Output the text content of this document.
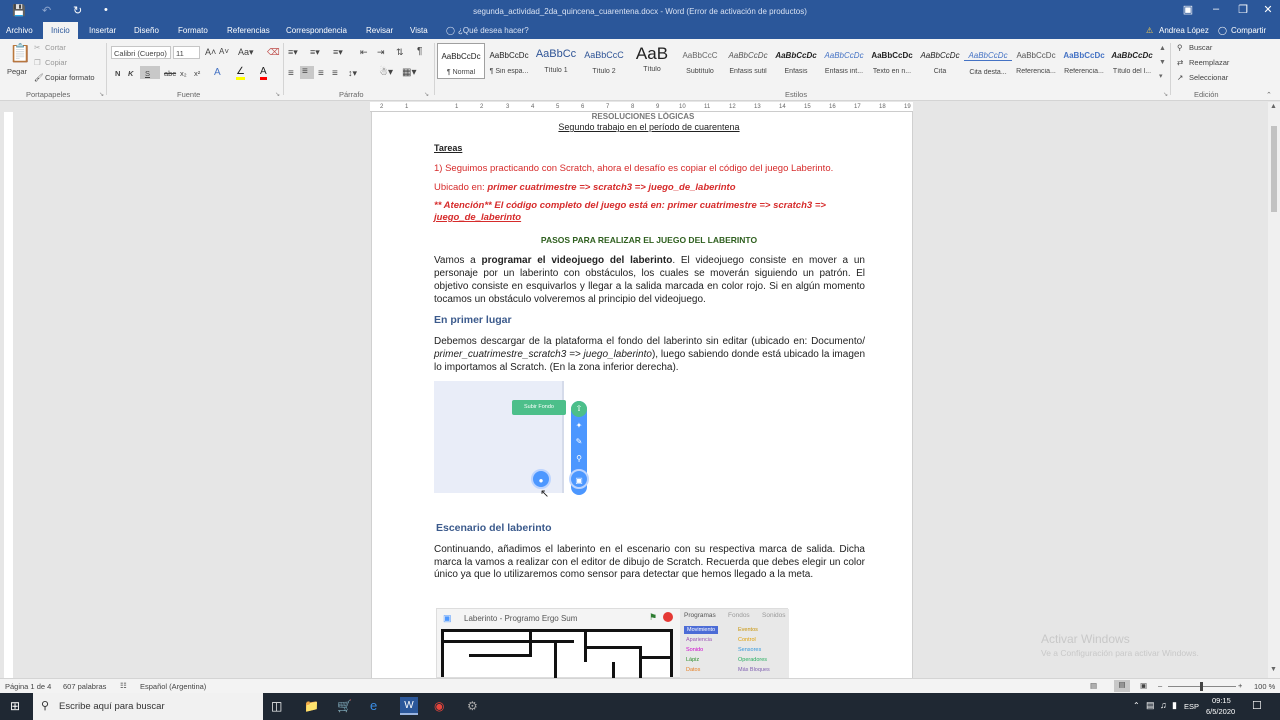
💾 ↶ ↻ •	segunda_actividad_2da_quincena_cuarentena.docx - Word (Error de activación de productos)	▣	–	❐	✕
Archivo	Inicio	Insertar Diseño Formato Referencias Correspondencia Revisar Vista ◯ ¿Qué desea hacer?	⚠ Andrea López ◯ Compartir
📋
Pegar
✂ Cortar
❐ Copiar
🖌 Copiar formato
Portapapeles	↘
Calibri (Cuerpo)	11	A˄ A˅ Aa▾ ⌫
N K	S	abc x₂ x² A ∠ A
Fuente	↘
≡▾ ≡▾ ≡▾ ⇤ ⇥ ⇅ ¶
≡ ≡	≡ ≡ ↕▾ ☃▾ ▦▾
Párrafo	↘
AaBbCcDc
¶ Normal
AaBbCcDc
¶ Sin espa...
AaBbCc
Título 1
AaBbCcC
Título 2
AaB
Título
AaBbCcC
Subtítulo
AaBbCcDc
Énfasis sutil
AaBbCcDc
Énfasis
AaBbCcDc
Énfasis int...
AaBbCcDc
Texto en n...
AaBbCcDc
Cita
AaBbCcDc
Cita desta...
AaBbCcDc
Referencia...
AaBbCcDc
Referencia...
AaBbCcDc
Título del l...
▲
▼
▾
Estilos	↘
⚲ Buscar
⇄ Reemplazar
↗ Seleccionar
Edición	⌃
2	1	1	2	3	4	5	6	7	8	9	10	11	12	13	14	15	16	17	18	19
RESOLUCIONES LÓGICAS
Segundo trabajo en el período de cuarentena
Tareas
1) Seguimos practicando con Scratch, ahora el desafío es copiar el código del juego Laberinto.
Ubicado en: primer cuatrimestre => scratch3 => juego_de_laberinto
** Atención** El código completo del juego está en: primer cuatrimestre => scratch3 =>
juego_de_laberinto
PASOS PARA REALIZAR EL JUEGO DEL LABERINTO
Vamos a programar el videojuego del laberinto. El videojuego consiste en mover a un personaje por un laberinto con obstáculos, los cuales se moverán siguiendo un patrón. El objetivo consiste en esquivarlos y llegar a la salida marcada en color rojo. Si en algún momento tocamos un obstáculo volveremos al principio del videojuego.
En primer lugar
Debemos descargar de la plataforma el fondo del laberinto sin editar (ubicado en: Documento/ primer_cuatrimestre_scratch3 => juego_laberinto), luego sabiendo donde está ubicado la imagen lo importamos al Scratch. (En la zona inferior derecha).
Subir Fondo	⇧
✦
✎
⚲
●	▣
↖
Escenario del laberinto
Continuando, añadimos el laberinto en el escenario con su respectiva marca de salida. Dicha marca la vamos a realizar con el editor de dibujo de Scratch. Recuerda que debes elegir un color único ya que lo utilizaremos como sensor para detectar que hemos llegado a la meta.
▣ Laberinto - Programo Ergo Sum	⚑	Programas Fondos Sonidos
Movimiento
Apariencia
Sonido
Lápiz
Datos
Eventos
Control
Sensores
Operadores
Más Bloques
▲
▼
Activar Windows
Ve a Configuración para activar Windows.
Página 1 de 4 607 palabras ☷ Español (Argentina)	▤	▤	▣ –	+ 100 %
⊞ ⚲ Escribe aquí para buscar	◫ 📁 🛒 e	W	◉ ⚙	⌃ ▤ ♫ ▮ ESP
09:15
6/5/2020 ☐
